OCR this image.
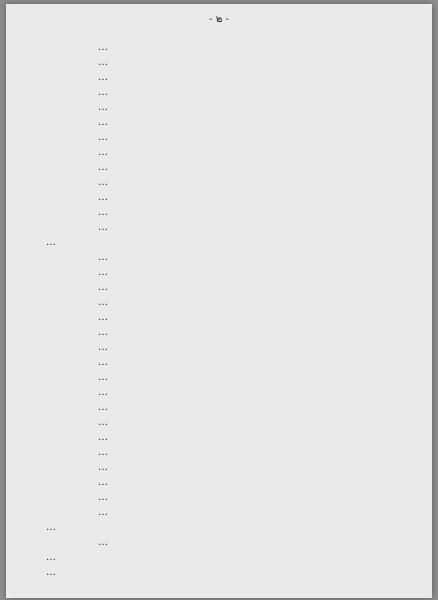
- ๒ -
…
…
…
…
…
…
…
…
…
…
…
…
…
…
…
…
…
…
…
…
…
…
…
…
…
…
…
…
…
…
…
…
…
…
…
…
